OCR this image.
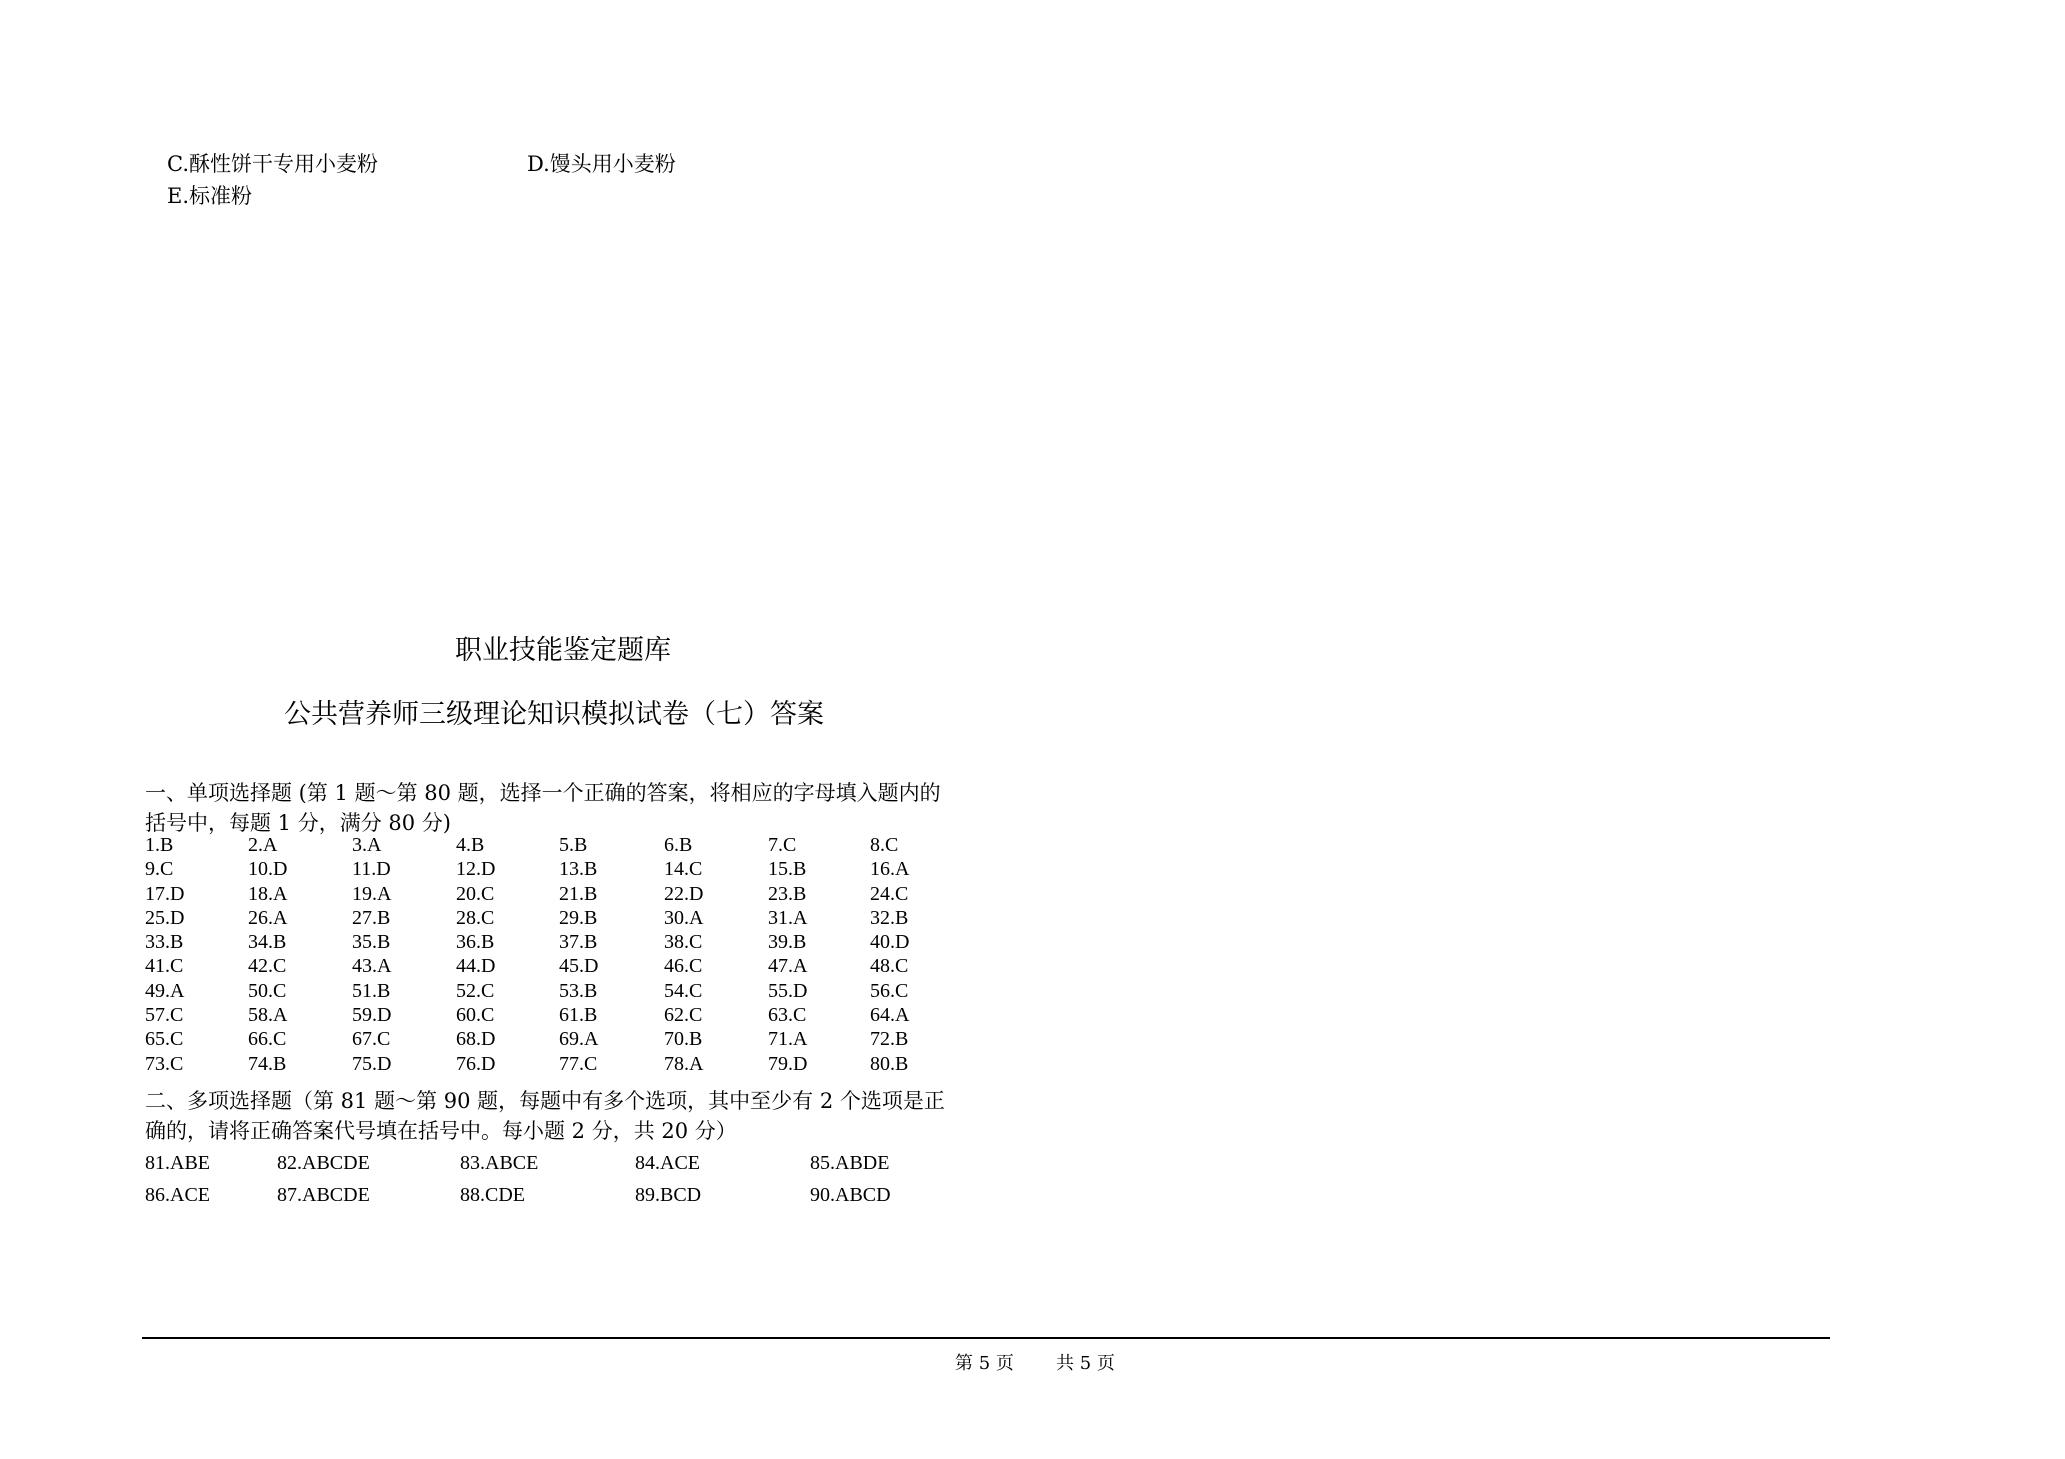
C.酥性饼干专用小麦粉	D.馒头用小麦粉
E.标准粉
职业技能鉴定题库
公共营养师三级理论知识模拟试卷（七）答案
一、单项选择题 (第 1 题～第 80 题，选择一个正确的答案，将相应的字母填入题内的
括号中，每题 1 分，满分 80 分)
1.B	2.A	3.A	4.B	5.B	6.B	7.C	8.C
9.C	10.D	11.D	12.D	13.B	14.C	15.B	16.A
17.D	18.A	19.A	20.C	21.B	22.D	23.B	24.C
25.D	26.A	27.B	28.C	29.B	30.A	31.A	32.B
33.B	34.B	35.B	36.B	37.B	38.C	39.B	40.D
41.C	42.C	43.A	44.D	45.D	46.C	47.A	48.C
49.A	50.C	51.B	52.C	53.B	54.C	55.D	56.C
57.C	58.A	59.D	60.C	61.B	62.C	63.C	64.A
65.C	66.C	67.C	68.D	69.A	70.B	71.A	72.B
73.C	74.B	75.D	76.D	77.C	78.A	79.D	80.B
二、多项选择题（第 81 题～第 90 题，每题中有多个选项，其中至少有 2 个选项是正
确的，请将正确答案代号填在括号中。每小题 2 分，共 20 分）
81.ABE	82.ABCDE	83.ABCE	84.ACE	85.ABDE
86.ACE	87.ABCDE	88.CDE	89.BCD	90.ABCD
第 5 页 共 5 页
